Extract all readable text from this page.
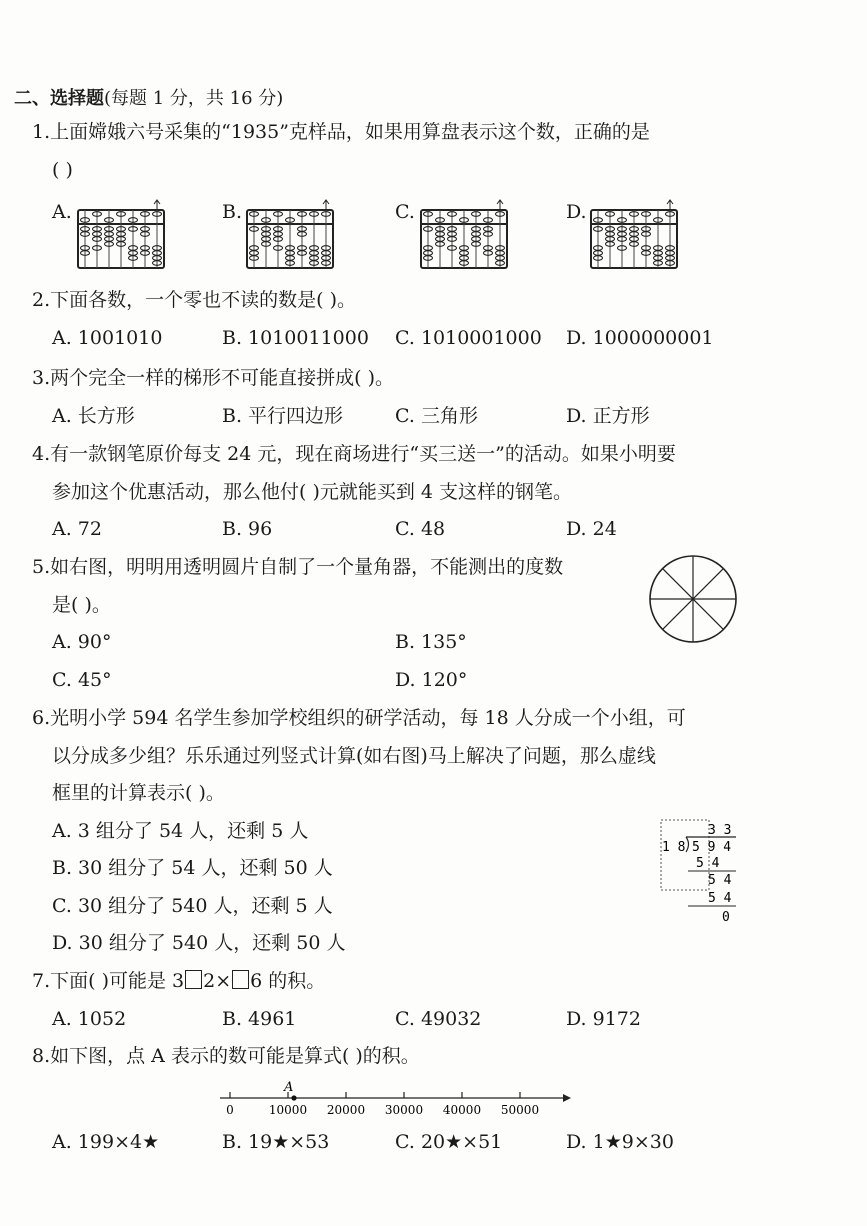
二、选择题(每题 1 分，共 16 分)
1.上面嫦娥六号采集的“1935”克样品，如果用算盘表示这个数，正确的是
( )
A.	B.	C.	D.
2.下面各数，一个零也不读的数是( )。
A. 1001010	B. 1010011000 C. 1010001000 D. 1000000001
3.两个完全一样的梯形不可能直接拼成( )。
A. 长方形	B. 平行四边形	C. 三角形	D. 正方形
4.有一款钢笔原价每支 24 元，现在商场进行“买三送一”的活动。如果小明要
参加这个优惠活动，那么他付( )元就能买到 4 支这样的钢笔。
A. 72	B. 96	C. 48	D. 24
5.如右图，明明用透明圆片自制了一个量角器，不能测出的度数
是( )。
A. 90°	B. 135°
C. 45°	D. 120°
6.光明小学 594 名学生参加学校组织的研学活动，每 18 人分成一个小组，可
以分成多少组？乐乐通过列竖式计算(如右图)马上解决了问题，那么虚线
框里的计算表示( )。
A. 3 组分了 54 人，还剩 5 人
B. 30 组分了 54 人，还剩 50 人
C. 30 组分了 540 人，还剩 5 人
D. 30 组分了 540 人，还剩 50 人
3 3
1 8 5 9 4
5 4
5 4
5 4
0
7.下面( )可能是 3 2× 6 的积。
A. 1052	B. 4961	C. 49032	D. 9172
8.如下图，点 A 表示的数可能是算式( )的积。
0	10000 20000 30000 40000 50000
A
A. 199×4★	B. 19★×53	C. 20★×51	D. 1★9×30
